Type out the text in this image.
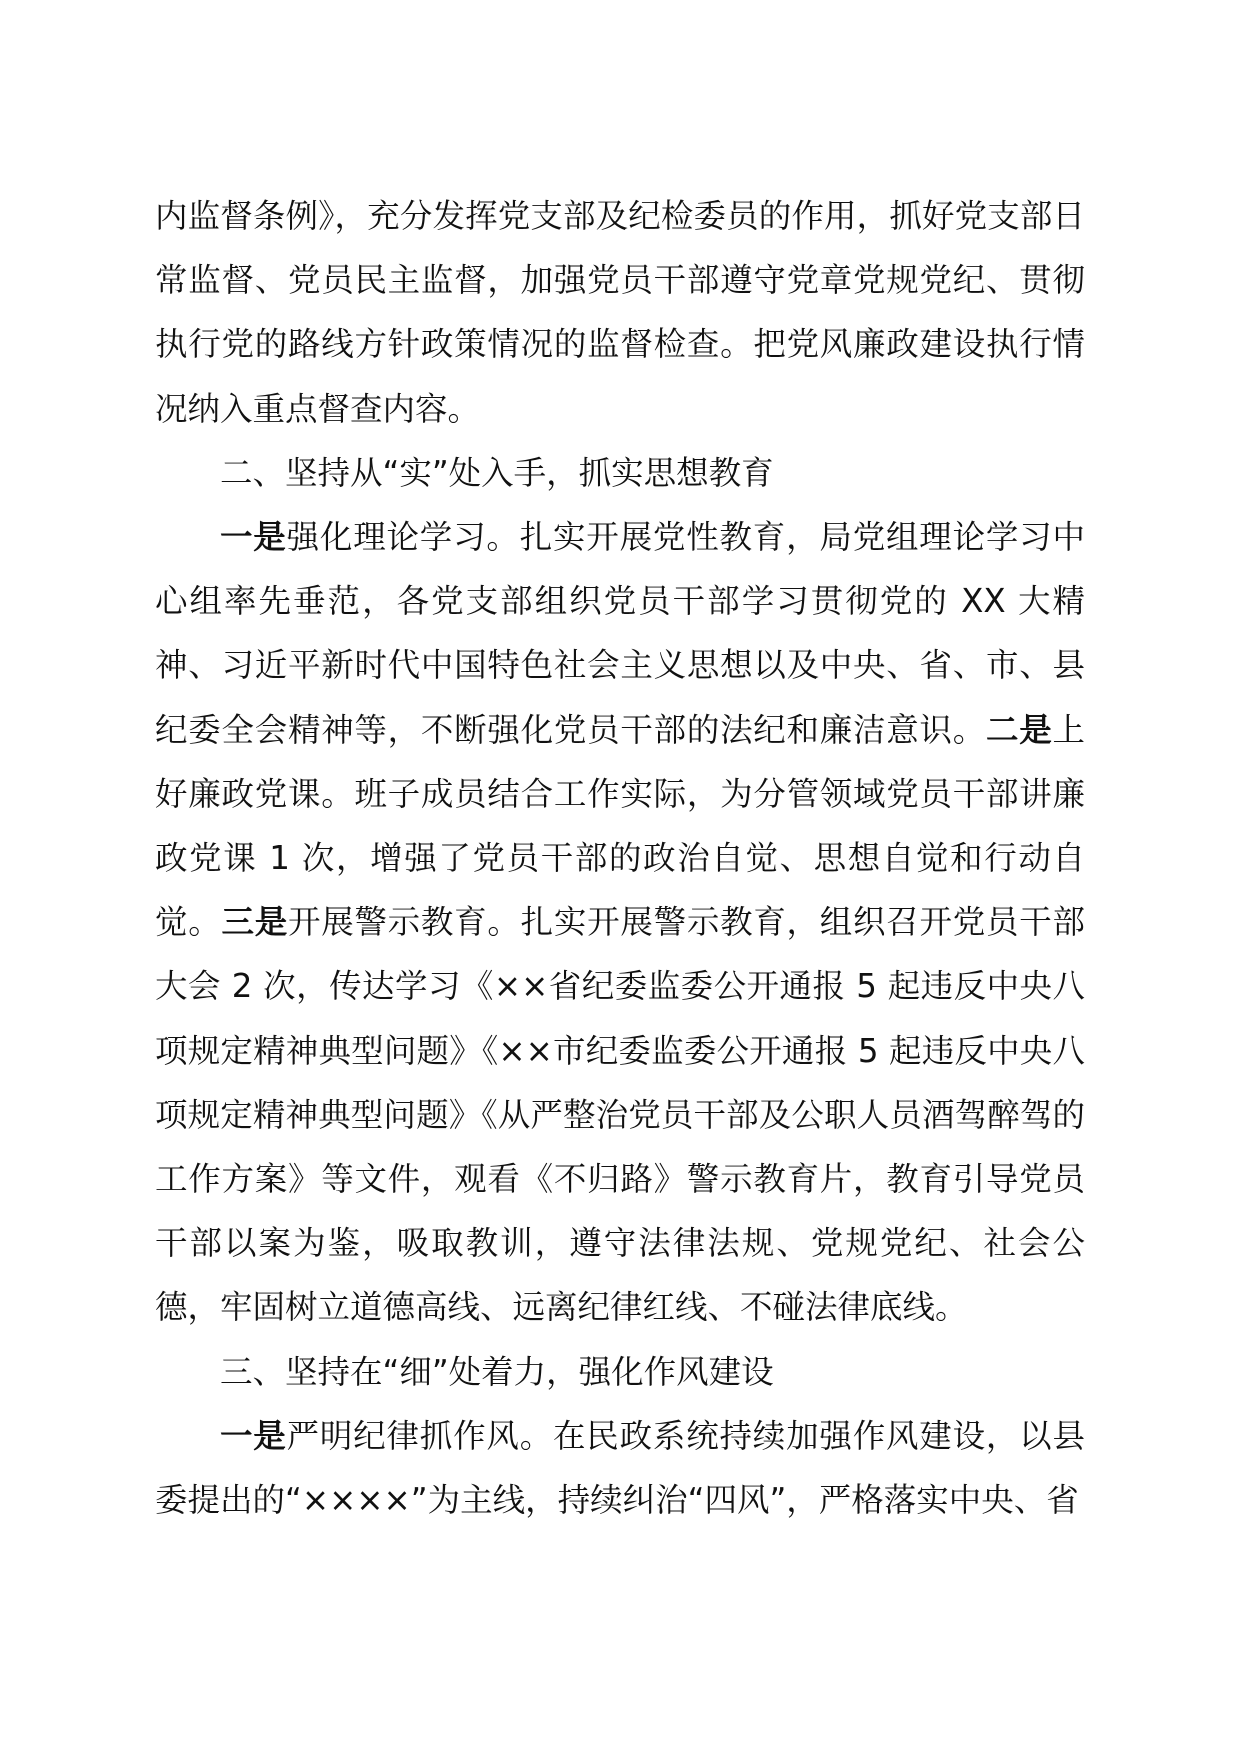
内监督条例》，充分发挥党支部及纪检委员的作用，抓好党支部日常监督、党员民主监督，加强党员干部遵守党章党规党纪、贯彻执行党的路线方针政策情况的监督检查。把党风廉政建设执行情况纳入重点督查内容。

二、坚持从“实”处入手，抓实思想教育

一是强化理论学习。扎实开展党性教育，局党组理论学习中心组率先垂范，各党支部组织党员干部学习贯彻党的 XX 大精神、习近平新时代中国特色社会主义思想以及中央、省、市、县纪委全会精神等，不断强化党员干部的法纪和廉洁意识。二是上好廉政党课。班子成员结合工作实际，为分管领域党员干部讲廉政党课 1 次，增强了党员干部的政治自觉、思想自觉和行动自觉。三是开展警示教育。扎实开展警示教育，组织召开党员干部大会 2 次，传达学习《××省纪委监委公开通报 5 起违反中央八项规定精神典型问题》《××市纪委监委公开通报 5 起违反中央八项规定精神典型问题》《从严整治党员干部及公职人员酒驾醉驾的工作方案》等文件，观看《不归路》警示教育片，教育引导党员干部以案为鉴，吸取教训，遵守法律法规、党规党纪、社会公德，牢固树立道德高线、远离纪律红线、不碰法律底线。

三、坚持在“细”处着力，强化作风建设

一是严明纪律抓作风。在民政系统持续加强作风建设，以县委提出的“××××”为主线，持续纠治“四风”，严格落实中央、省
